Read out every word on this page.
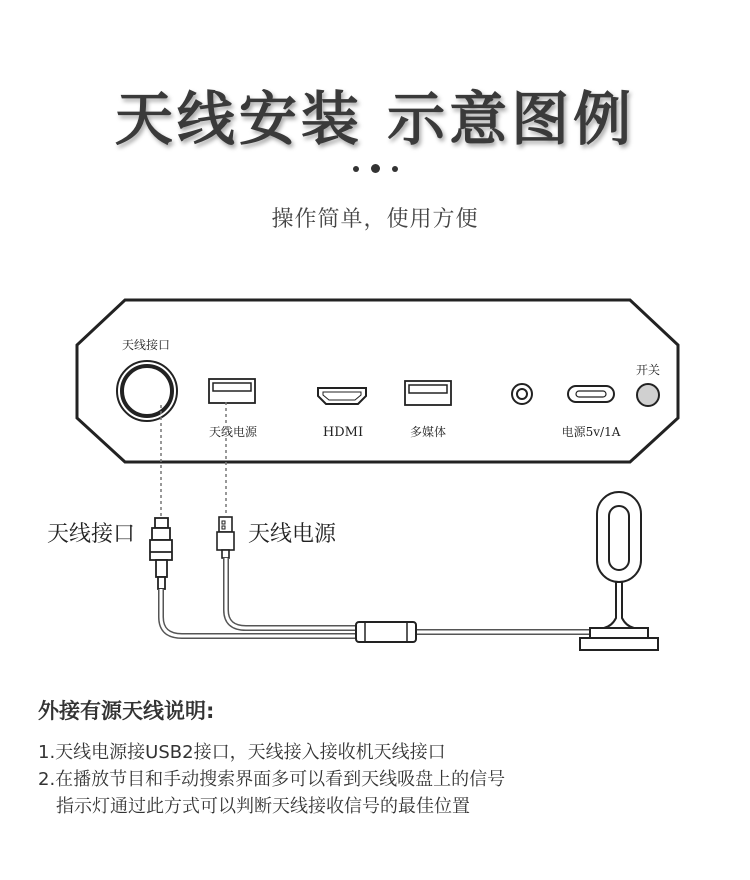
天线安装 示意图例
操作简单，使用方便
天线接口
天线电源	HDMI	多媒体	电源5v/1A
开关
天线接口	天线电源
外接有源天线说明:
1.天线电源接USB2接口，天线接入接收机天线接口
2.在播放节目和手动搜索界面多可以看到天线吸盘上的信号
指示灯通过此方式可以判断天线接收信号的最佳位置
